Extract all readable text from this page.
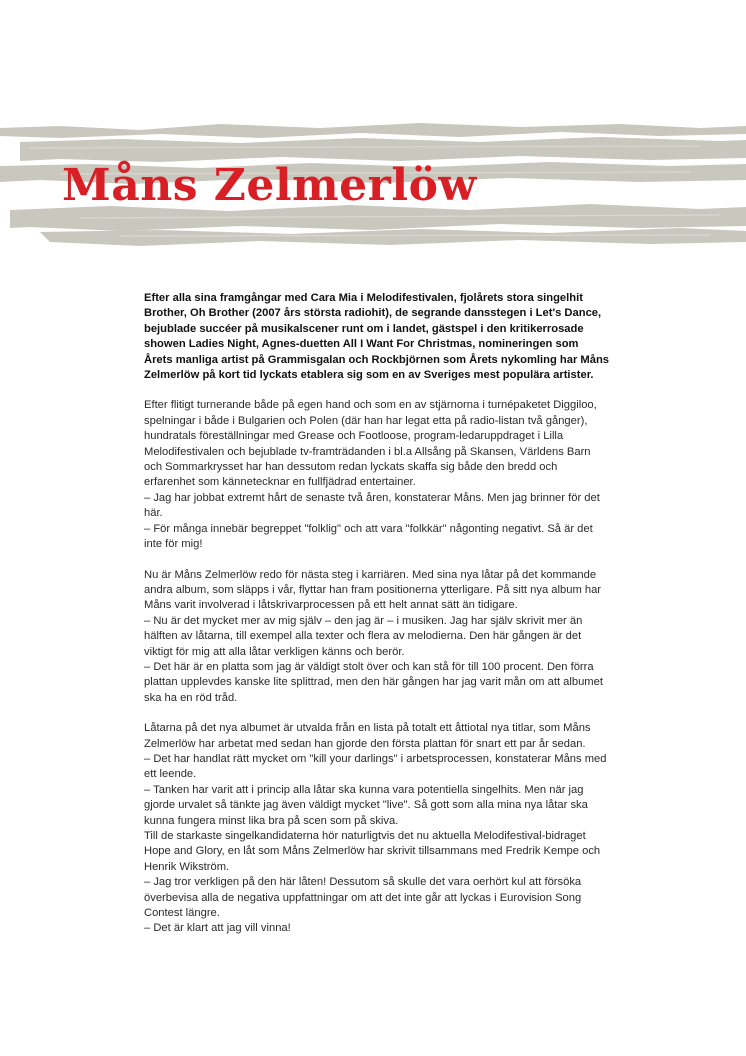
Måns Zelmerlöw

Efter alla sina framgångar med Cara Mia i Melodifestivalen, fjolårets stora singelhit Brother, Oh Brother (2007 års största radiohit), de segrande dansstegen i Let's Dance, bejublade succéer på musikalscener runt om i landet, gästspel i den kritikerrosade showen Ladies Night, Agnes-duetten All I Want For Christmas, nomineringen som Årets manliga artist på Grammisgalan och Rockbjörnen som Årets nykomling har Måns Zelmerlöw på kort tid lyckats etablera sig som en av Sveriges mest populära artister.

Efter flitigt turnerande både på egen hand och som en av stjärnorna i turnépaketet Diggiloo, spelningar i både i Bulgarien och Polen (där han har legat etta på radio-listan två gånger), hundratals föreställningar med Grease och Footloose, program-ledaruppdraget i Lilla Melodifestivalen och bejublade tv-framträdanden i bl.a Allsång på Skansen, Världens Barn och Sommarkrysset har han dessutom redan lyckats skaffa sig både den bredd och erfarenhet som kännetecknar en fullfjädrad entertainer.
– Jag har jobbat extremt hårt de senaste två åren, konstaterar Måns. Men jag brinner för det här.
– För många innebär begreppet "folklig" och att vara "folkkär" någonting negativt. Så är det inte för mig!

Nu är Måns Zelmerlöw redo för nästa steg i karriären. Med sina nya låtar på det kommande andra album, som släpps i vår, flyttar han fram positionerna ytterligare. På sitt nya album har Måns varit involverad i låtskrivarprocessen på ett helt annat sätt än tidigare.
– Nu är det mycket mer av mig själv – den jag är – i musiken. Jag har själv skrivit mer än hälften av låtarna, till exempel alla texter och flera av melodierna. Den här gången är det viktigt för mig att alla låtar verkligen känns och berör.
– Det här är en platta som jag är väldigt stolt över och kan stå för till 100 procent. Den förra plattan upplevdes kanske lite splittrad, men den här gången har jag varit mån om att albumet ska ha en röd tråd.

Låtarna på det nya albumet är utvalda från en lista på totalt ett åttiotal nya titlar, som Måns Zelmerlöw har arbetat med sedan han gjorde den första plattan för snart ett par år sedan.
– Det har handlat rätt mycket om "kill your darlings" i arbetsprocessen, konstaterar Måns med ett leende.
– Tanken har varit att i princip alla låtar ska kunna vara potentiella singelhits. Men när jag gjorde urvalet så tänkte jag även väldigt mycket "live". Så gott som alla mina nya låtar ska kunna fungera minst lika bra på scen som på skiva.
Till de starkaste singelkandidaterna hör naturligtvis det nu aktuella Melodifestival-bidraget Hope and Glory, en låt som Måns Zelmerlöw har skrivit tillsammans med Fredrik Kempe och Henrik Wikström.
– Jag tror verkligen på den här låten! Dessutom så skulle det vara oerhört kul att försöka överbevisa alla de negativa uppfattningar om att det inte går att lyckas i Eurovision Song Contest längre.
– Det är klart att jag vill vinna!
